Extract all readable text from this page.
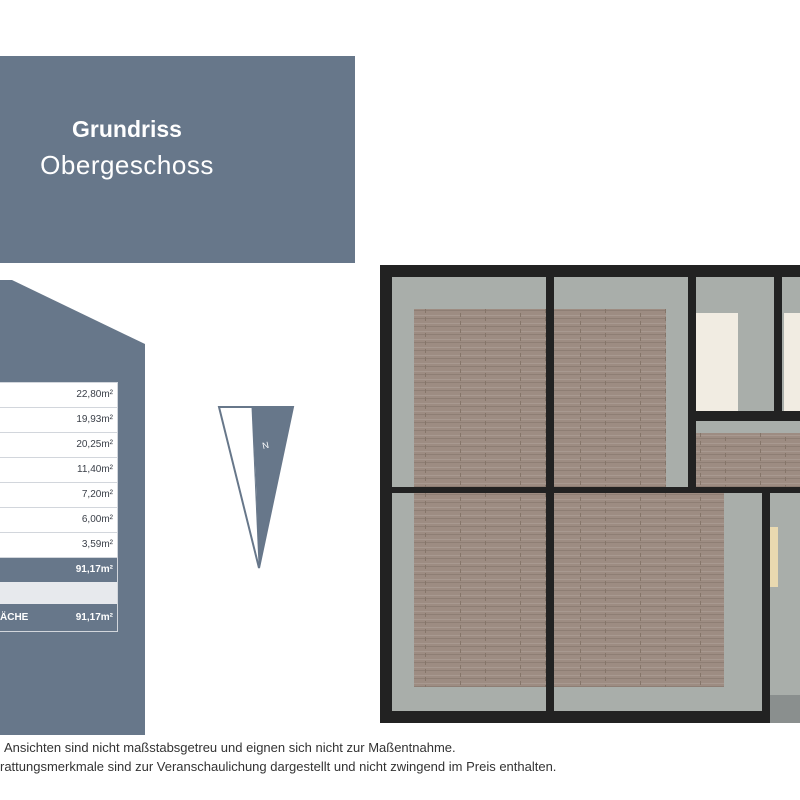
Grundriss
Obergeschoss
22,80m²
19,93m²
20,25m²
11,40m²
7,20m²
6,00m²
3,59m²
91,17m²
ÄCHE	91,17m²
N
Ansichten sind nicht maßstabsgetreu und eignen sich nicht zur Maßentnahme.
rattungsmerkmale sind zur Veranschaulichung dargestellt und nicht zwingend im Preis enthalten.
